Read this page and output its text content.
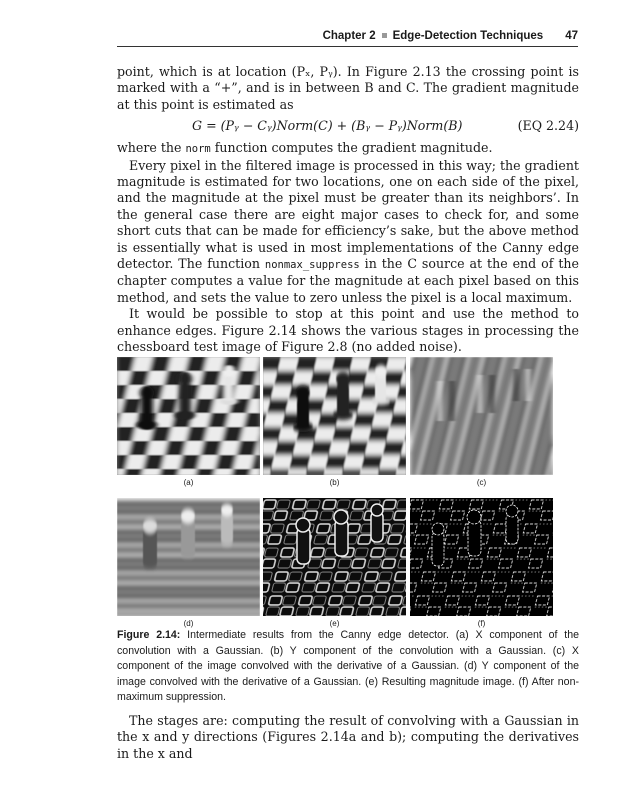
Chapter 2 Edge-Detection Techniques 47

point, which is at location (Pₓ, Pᵧ). In Figure 2.13 the crossing point is marked with a “+”, and is in between B and C. The gradient magnitude at this point is estimated as

G = (Pᵧ − Cᵧ)Norm(C) + (Bᵧ − Pᵧ)Norm(B)	(EQ 2.24)

where the norm function computes the gradient magnitude.

Every pixel in the filtered image is processed in this way; the gradient magnitude is estimated for two locations, one on each side of the pixel, and the magnitude at the pixel must be greater than its neighbors’. In the general case there are eight major cases to check for, and some short cuts that can be made for efficiency’s sake, but the above method is essentially what is used in most implementations of the Canny edge detector. The function nonmax_suppress in the C source at the end of the chapter computes a value for the magnitude at each pixel based on this method, and sets the value to zero unless the pixel is a local maximum.

It would be possible to stop at this point and use the method to enhance edges. Figure 2.14 shows the various stages in processing the chessboard test image of Figure 2.8 (no added noise).

(a)	(b)	(c)
(d)	(e)	(f)
Figure 2.14: Intermediate results from the Canny edge detector. (a) X component of the convolution with a Gaussian. (b) Y component of the convolution with a Gaussian. (c) X component of the image convolved with the derivative of a Gaussian. (d) Y component of the image convolved with the derivative of a Gaussian. (e) Resulting magnitude image. (f) After non-maximum suppression.

The stages are: computing the result of convolving with a Gaussian in the x and y directions (Figures 2.14a and b); computing the derivatives in the x and
